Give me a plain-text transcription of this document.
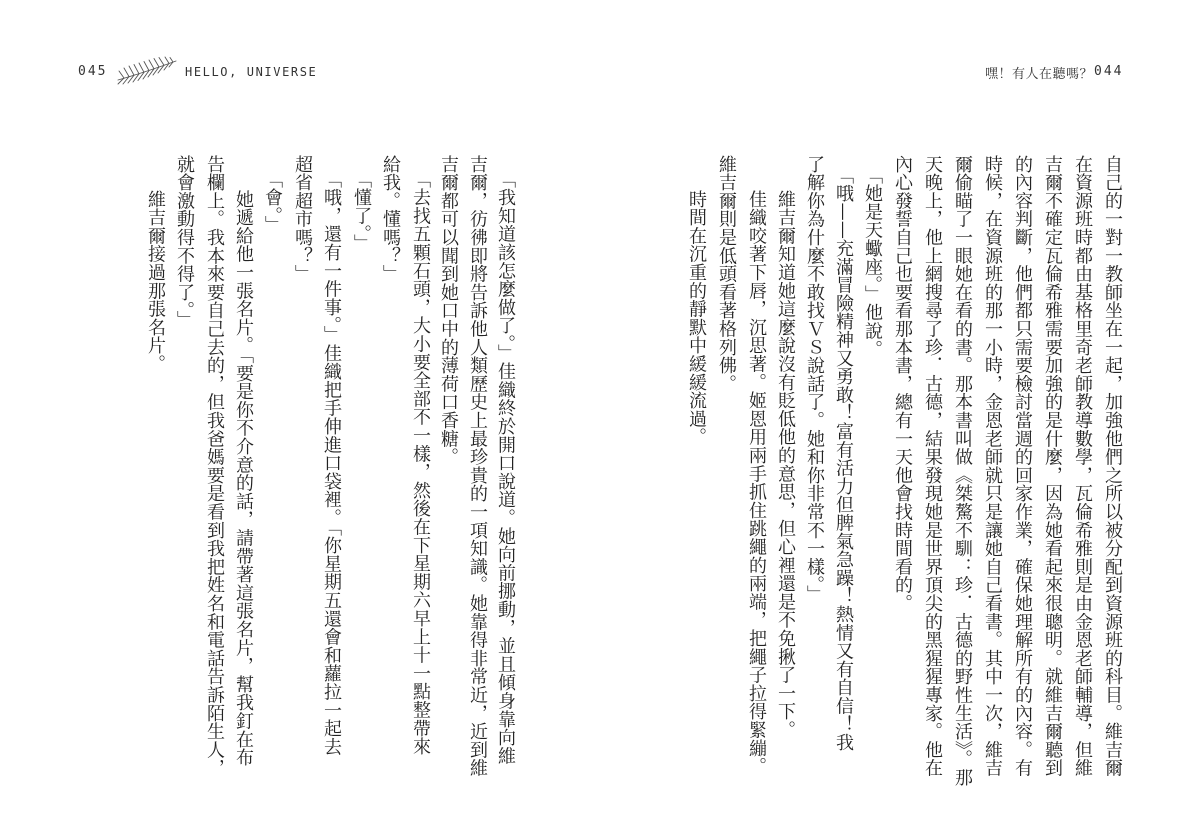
045	HELLO, UNIVERSE	嘿！有人在聽嗎？ 044
自己的一對一教師坐在一起，加強他們之所以被分配到資源班的科目。維吉爾
在資源班時都由基格里奇老師教導數學，瓦倫希雅則是由金恩老師輔導，但維
吉爾不確定瓦倫希雅需要加強的是什麼，因為她看起來很聰明。就維吉爾聽到
的內容判斷，他們都只需要檢討當週的回家作業，確保她理解所有的內容。有
時候，在資源班的那一小時，金恩老師就只是讓她自己看書。其中一次，維吉
爾偷瞄了一眼她在看的書。那本書叫做《桀驁不馴：珍．古德的野性生活》。那
天晚上，他上網搜尋了珍．古德，結果發現她是世界頂尖的黑猩猩專家。他在
內心發誓自己也要看那本書，總有一天他會找時間看的。
「她是天蠍座。」他說。
「哦——充滿冒險精神又勇敢！富有活力但脾氣急躁！熱情又有自信！我
了解你為什麼不敢找ＶＳ說話了。她和你非常不一樣。」
維吉爾知道她這麼說沒有貶低他的意思，但心裡還是不免揪了一下。
佳織咬著下唇，沉思著。姬恩用兩手抓住跳繩的兩端，把繩子拉得緊繃。
維吉爾則是低頭看著格列佛。
時間在沉重的靜默中緩緩流過。
「我知道該怎麼做了。」佳織終於開口說道。她向前挪動，並且傾身靠向維
吉爾，彷彿即將告訴他人類歷史上最珍貴的一項知識。她靠得非常近，近到維
吉爾都可以聞到她口中的薄荷口香糖。
「去找五顆石頭，大小要全部不一樣，然後在下星期六早上十一點整帶來
給我。懂嗎？」
「懂了。」
「哦，還有一件事。」佳織把手伸進口袋裡。「你星期五還會和蘿拉一起去
超省超市嗎？」
「會。」
她遞給他一張名片。「要是你不介意的話，請帶著這張名片，幫我釘在布
告欄上。我本來要自己去的，但我爸媽要是看到我把姓名和電話告訴陌生人，
就會激動得不得了。」
維吉爾接過那張名片。
